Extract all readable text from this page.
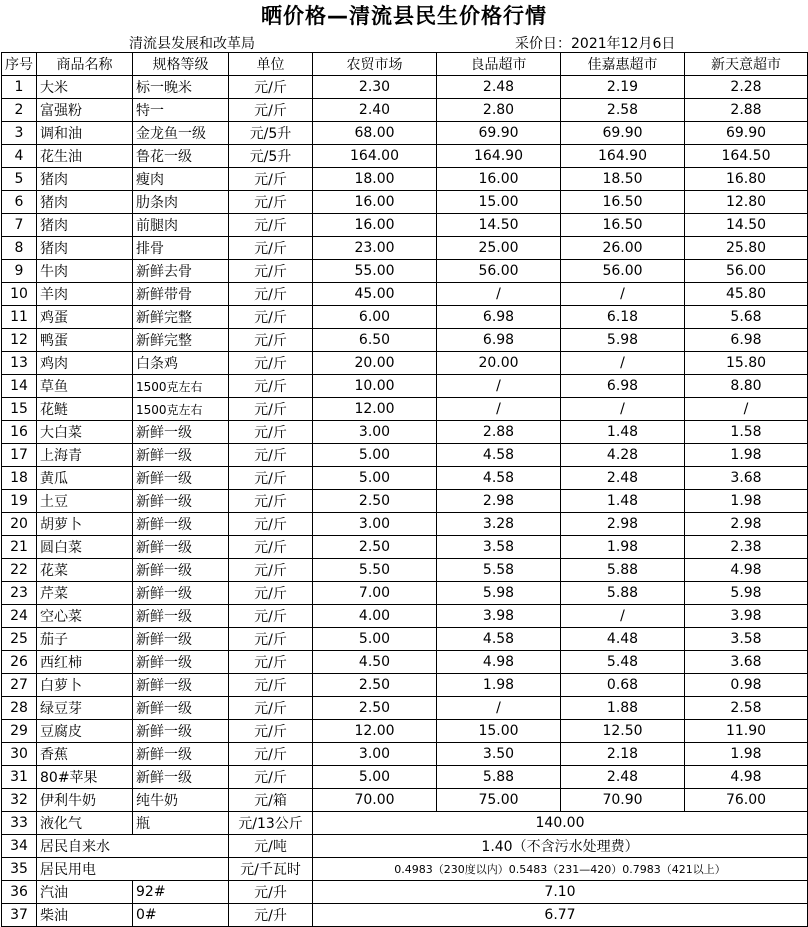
晒价格—清流县民生价格行情
清流县发展和改革局	采价日：2021年12月6日
序号	商品名称	规格等级	单位	农贸市场	良品超市	佳嘉惠超市	新天意超市
1	大米	标一晚米	元/斤	2.30	2.48	2.19	2.28
2	富强粉	特一	元/斤	2.40	2.80	2.58	2.88
3	调和油	金龙鱼一级	元/5升	68.00	69.90	69.90	69.90
4	花生油	鲁花一级	元/5升	164.00	164.90	164.90	164.50
5	猪肉	瘦肉	元/斤	18.00	16.00	18.50	16.80
6	猪肉	肋条肉	元/斤	16.00	15.00	16.50	12.80
7	猪肉	前腿肉	元/斤	16.00	14.50	16.50	14.50
8	猪肉	排骨	元/斤	23.00	25.00	26.00	25.80
9	牛肉	新鲜去骨	元/斤	55.00	56.00	56.00	56.00
10	羊肉	新鲜带骨	元/斤	45.00	/	/	45.80
11	鸡蛋	新鲜完整	元/斤	6.00	6.98	6.18	5.68
12	鸭蛋	新鲜完整	元/斤	6.50	6.98	5.98	6.98
13	鸡肉	白条鸡	元/斤	20.00	20.00	/	15.80
14	草鱼	1500克左右	元/斤	10.00	/	6.98	8.80
15	花鲢	1500克左右	元/斤	12.00	/	/	/
16	大白菜	新鲜一级	元/斤	3.00	2.88	1.48	1.58
17	上海青	新鲜一级	元/斤	5.00	4.58	4.28	1.98
18	黄瓜	新鲜一级	元/斤	5.00	4.58	2.48	3.68
19	土豆	新鲜一级	元/斤	2.50	2.98	1.48	1.98
20	胡萝卜	新鲜一级	元/斤	3.00	3.28	2.98	2.98
21	圆白菜	新鲜一级	元/斤	2.50	3.58	1.98	2.38
22	花菜	新鲜一级	元/斤	5.50	5.58	5.88	4.98
23	芹菜	新鲜一级	元/斤	7.00	5.98	5.88	5.98
24	空心菜	新鲜一级	元/斤	4.00	3.98	/	3.98
25	茄子	新鲜一级	元/斤	5.00	4.58	4.48	3.58
26	西红柿	新鲜一级	元/斤	4.50	4.98	5.48	3.68
27	白萝卜	新鲜一级	元/斤	2.50	1.98	0.68	0.98
28	绿豆芽	新鲜一级	元/斤	2.50	/	1.88	2.58
29	豆腐皮	新鲜一级	元/斤	12.00	15.00	12.50	11.90
30	香蕉	新鲜一级	元/斤	3.00	3.50	2.18	1.98
31	80#苹果	新鲜一级	元/斤	5.00	5.88	2.48	4.98
32	伊利牛奶	纯牛奶	元/箱	70.00	75.00	70.90	76.00
33	液化气	瓶	元/13公斤	140.00			
34	居民自来水		元/吨	1.40（不含污水处理费）			
35	居民用电		元/千瓦时	0.4983（230度以内）0.5483（231—420）0.7983（421以上）			
36	汽油	92#	元/升	7.10			
37	柴油	0#	元/升	6.77			
